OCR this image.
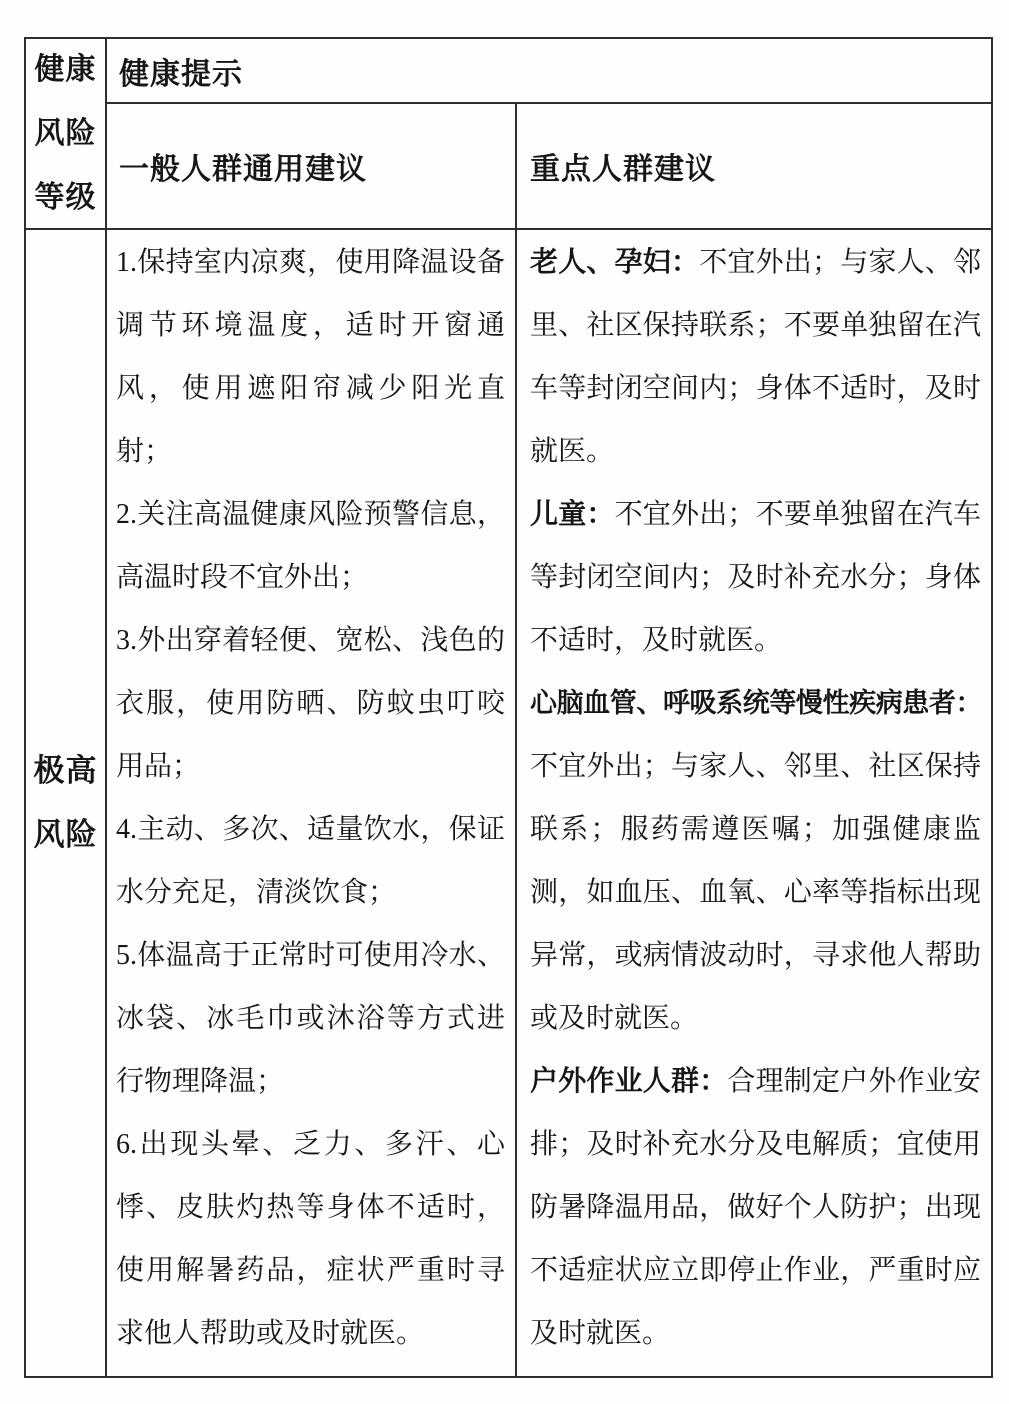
健康
风险
等级
健康提示
一般人群通用建议	重点人群建议
极高
风险

1.保持室内凉爽，使用降温设备调节环境温度，适时开窗通风，使用遮阳帘减少阳光直射；

2.关注高温健康风险预警信息，高温时段不宜外出；

3.外出穿着轻便、宽松、浅色的衣服，使用防晒、防蚊虫叮咬用品；

4.主动、多次、适量饮水，保证水分充足，清淡饮食；

5.体温高于正常时可使用冷水、冰袋、冰毛巾或沐浴等方式进行物理降温；

6.出现头晕、乏力、多汗、心悸、皮肤灼热等身体不适时，使用解暑药品，症状严重时寻求他人帮助或及时就医。

老人、孕妇：不宜外出；与家人、邻里、社区保持联系；不要单独留在汽车等封闭空间内；身体不适时，及时就医。

儿童：不宜外出；不要单独留在汽车等封闭空间内；及时补充水分；身体不适时，及时就医。

心脑血管、呼吸系统等慢性疾病患者：不宜外出；与家人、邻里、社区保持联系；服药需遵医嘱；加强健康监测，如血压、血氧、心率等指标出现异常，或病情波动时，寻求他人帮助或及时就医。

户外作业人群：合理制定户外作业安排；及时补充水分及电解质；宜使用防暑降温用品，做好个人防护；出现不适症状应立即停止作业，严重时应及时就医。
